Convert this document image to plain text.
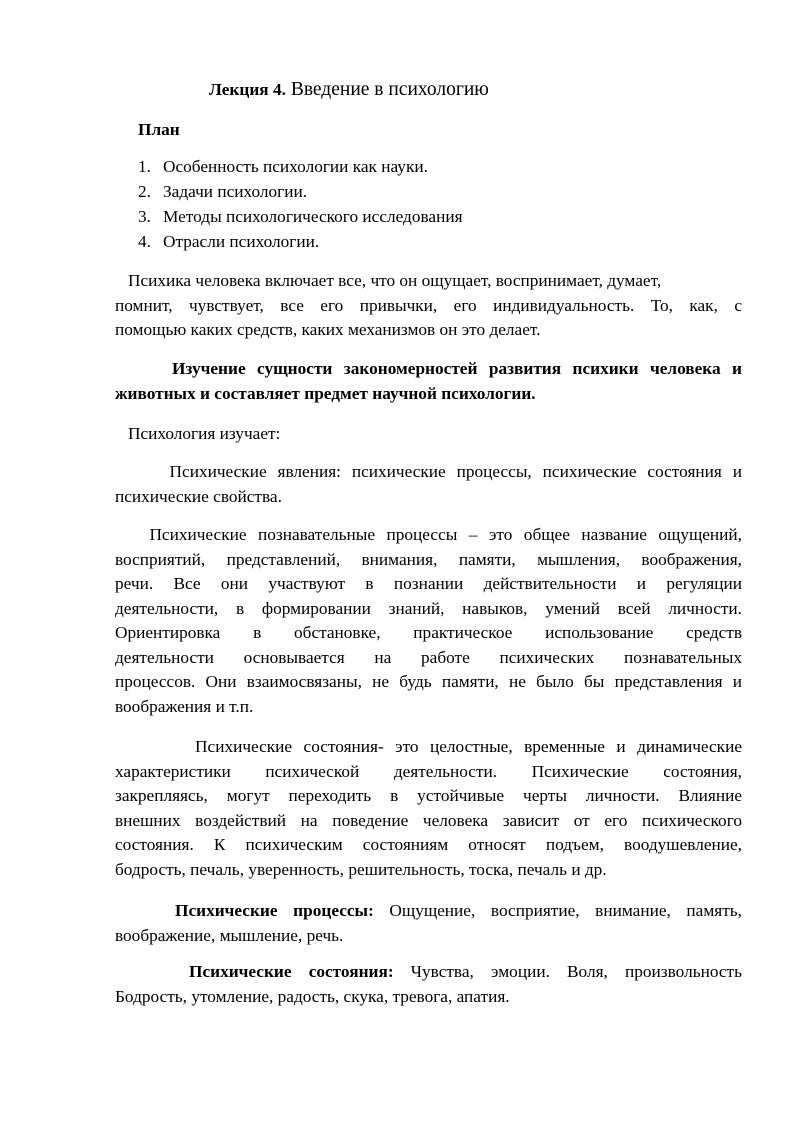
Лекция 4. Введение в психологию
План
1. Особенность психологии как науки.
2. Задачи психологии.
3. Методы психологического исследования
4. Отрасли психологии.
Психика человека включает все, что он ощущает, воспринимает, думает,
помнит, чувствует, все его привычки, его индивидуальность. То, как, с
помощью каких средств, каких механизмов он это делает.
Изучение сущности закономерностей развития психики человека и
животных и составляет предмет научной психологии.
Психология изучает:
Психические явления: психические процессы, психические состояния и
психические свойства.
Психические познавательные процессы – это общее название ощущений,
восприятий, представлений, внимания, памяти, мышления, воображения,
речи. Все они участвуют в познании действительности и регуляции
деятельности, в формировании знаний, навыков, умений всей личности.
Ориентировка в обстановке, практическое использование средств
деятельности основывается на работе психических познавательных
процессов. Они взаимосвязаны, не будь памяти, не было бы представления и
воображения и т.п.
Психические состояния- это целостные, временные и динамические
характеристики психической деятельности. Психические состояния,
закрепляясь, могут переходить в устойчивые черты личности. Влияние
внешних воздействий на поведение человека зависит от его психического
состояния. К психическим состояниям относят подъем, воодушевление,
бодрость, печаль, уверенность, решительность, тоска, печаль и др.
Психические процессы: Ощущение, восприятие, внимание, память,
воображение, мышление, речь.
Психические состояния: Чувства, эмоции. Воля, произвольность
Бодрость, утомление, радость, скука, тревога, апатия.
